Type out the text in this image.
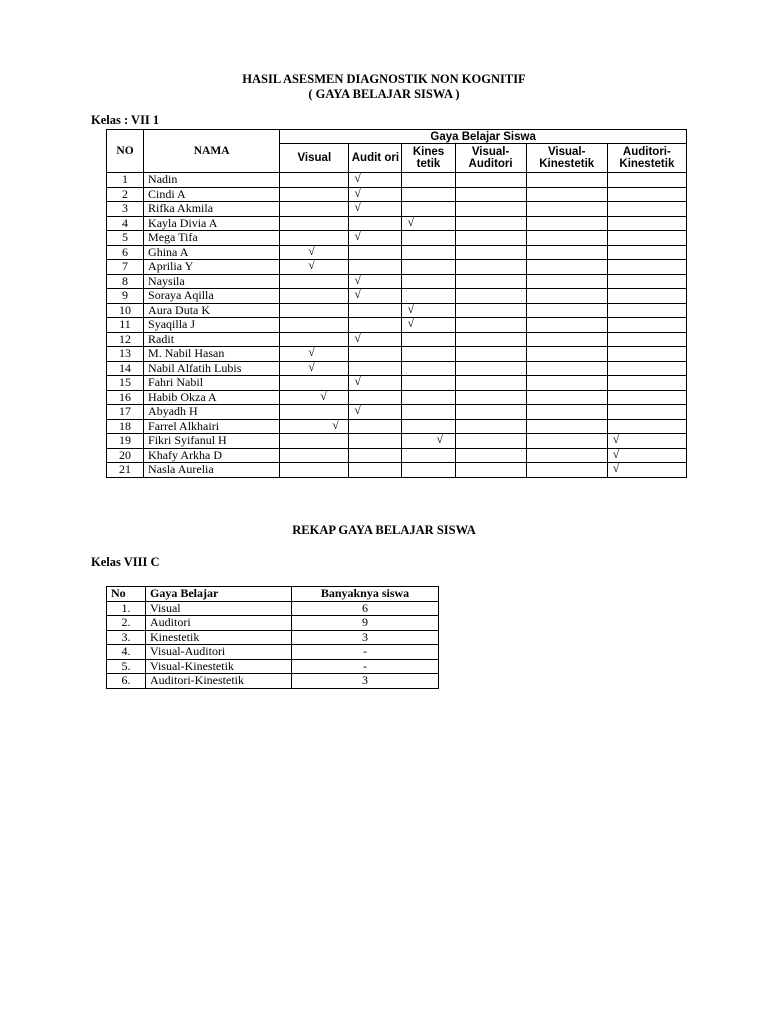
HASIL ASESMEN DIAGNOSTIK NON KOGNITIF
( GAYA BELAJAR SISWA )
Kelas : VII 1
NO	NAMA	Gaya Belajar Siswa					
		Visual	Audit ori	Kines tetik	Visual- Auditori	Visual- Kinestetik	Auditori- Kinestetik
1	Nadin		√				

2	Cindi A		√				

3	Rifka Akmila		√				

4	Kayla Divia A			√			

5	Mega Tifa		√				

6	Ghina A	√					

7	Aprilia Y	√					

8	Naysila		√				

9	Soraya Aqilla		√				

10	Aura Duta K			√			

11	Syaqilla J			√			

12	Radit		√				

13	M. Nabil Hasan	√					

14	Nabil Alfatih Lubis	√					

15	Fahri Nabil		√				

16	Habib Okza A	√					

17	Abyadh H		√				

18	Farrel Alkhairi	√					

19	Fikri Syifanul H			√			√

20	Khafy Arkha D						√

21	Nasla Aurelia						√
REKAP GAYA BELAJAR SISWA
Kelas VIII C
No	Gaya Belajar	Banyaknya siswa
1.	Visual	6
2.	Auditori	9
3.	Kinestetik	3
4.	Visual-Auditori	-
5.	Visual-Kinestetik	-
6.	Auditori-Kinestetik	3
